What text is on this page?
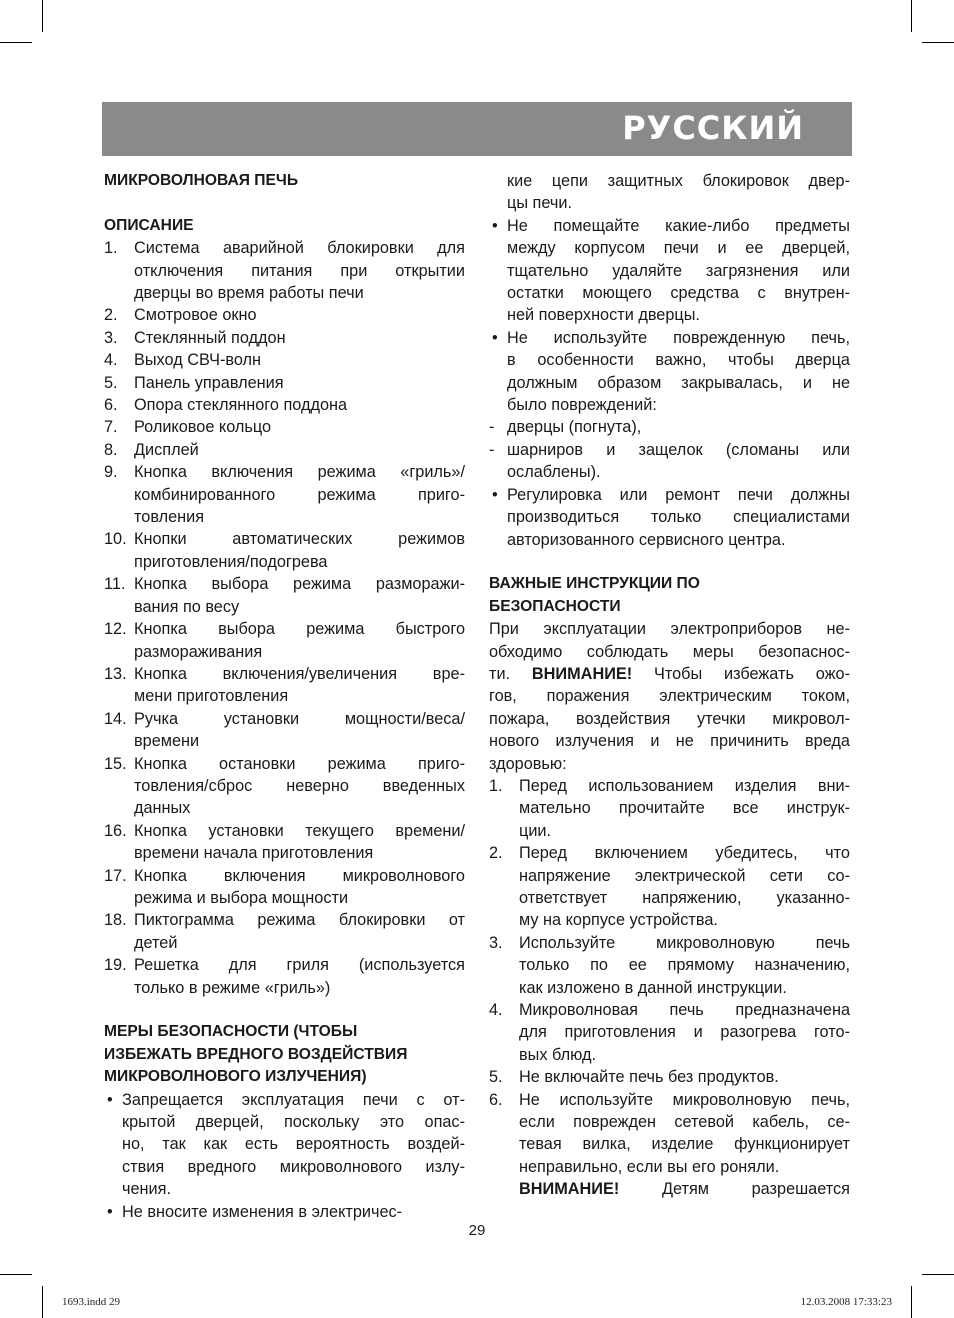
РУССКИЙ

МИКРОВОЛНОВАЯ ПЕЧЬ

ОПИСАНИЕ

1.	Система аварийной блокировки для
отключения питания при открытии
дверцы во время работы печи
2.	Смотровое окно
3.	Стеклянный поддон
4.	Выход СВЧ-волн
5.	Панель управления
6.	Опора стеклянного поддона
7.	Роликовое кольцо
8.	Дисплей
9.	Кнопка включения режима «гриль»/
комбинированного режима приго-
товления
10. Кнопки автоматических режимов
приготовления/подогрева
11. Кнопка выбора режима разморажи-
вания по весу
12. Кнопка выбора режима быстрого
размораживания
13. Кнопка включения/увеличения вре-
мени приготовления
14. Ручка установки мощности/веса/
времени
15. Кнопка остановки режима приго-
товления/сброс неверно введенных
данных
16. Кнопка установки текущего времени/
времени начала приготовления
17. Кнопка включения микроволнового
режима и выбора мощности
18. Пиктограмма режима блокировки от
детей
19. Решетка для гриля (используется
только в режиме «гриль»)
МЕРЫ БЕЗОПАСНОСТИ (ЧТОБЫ
ИЗБЕЖАТЬ ВРЕДНОГО ВОЗДЕЙСТВИЯ
МИКРОВОЛНОВОГО ИЗЛУЧЕНИЯ)
• Запрещается эксплуатация печи с от-
крытой дверцей, поскольку это опас-
но, так как есть вероятность воздей-
ствия вредного микроволнового излу-
чения.
• Не вносите изменения в электричес-
кие цепи защитных блокировок двер-
цы печи.
• Не помещайте какие-либо предметы
между корпусом печи и ее дверцей,
тщательно удаляйте загрязнения или
остатки моющего средства с внутрен-
ней поверхности дверцы.
• Не используйте поврежденную печь,
в особенности важно, чтобы дверца
должным образом закрывалась, и не
было повреждений:
- дверцы (погнута),
- шарниров и защелок (сломаны или
ослаблены).
• Регулировка или ремонт печи должны
производиться только специалистами
авторизованного сервисного центра.
ВАЖНЫЕ ИНСТРУКЦИИ ПО
БЕЗОПАСНОСТИ
При эксплуатации электроприборов не-
обходимо соблюдать меры безопаснос-
ти. ВНИМАНИЕ! Чтобы избежать ожо-
гов, поражения электрическим током,
пожара, воздействия утечки микровол-
нового излучения и не причинить вреда
здоровью:
1.	Перед использованием изделия вни-
мательно прочитайте все инструк-
ции.
2.	Перед включением убедитесь, что
напряжение электрической сети со-
ответствует напряжению, указанно-
му на корпусе устройства.
3.	Используйте микроволновую печь
только по ее прямому назначению,
как изложено в данной инструкции.
4.	Микроволновая печь предназначена
для приготовления и разогрева гото-
вых блюд.
5.	Не включайте печь без продуктов.
6.	Не используйте микроволновую печь,
если поврежден сетевой кабель, се-
тевая вилка, изделие функционирует
неправильно, если вы его роняли.
ВНИМАНИЕ!	Детям разрешается
29
1693.indd 29	12.03.2008 17:33:23
